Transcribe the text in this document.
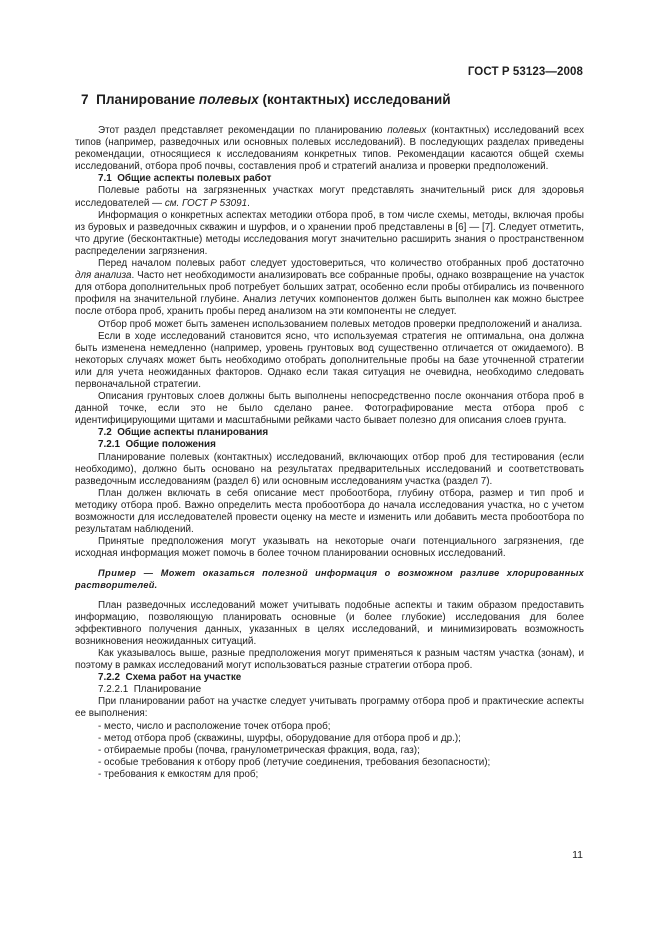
ГОСТ Р 53123—2008
7 Планирование полевых (контактных) исследований

Этот раздел представляет рекомендации по планированию полевых (контактных) исследований всех типов (например, разведочных или основных полевых исследований). В последующих разделах приведены рекомендации, относящиеся к исследованиям конкретных типов. Рекомендации касаются общей схемы исследований, отбора проб почвы, составления проб и стратегий анализа и проверки предположений.

7.1 Общие аспекты полевых работ

Полевые работы на загрязненных участках могут представлять значительный риск для здоровья исследователей — см. ГОСТ Р 53091.

Информация о конкретных аспектах методики отбора проб, в том числе схемы, методы, включая пробы из буровых и разведочных скважин и шурфов, и о хранении проб представлены в [6] — [7]. Следует отметить, что другие (бесконтактные) методы исследования могут значительно расширить знания о пространственном распределении загрязнения.

Перед началом полевых работ следует удостовериться, что количество отобранных проб достаточно для анализа. Часто нет необходимости анализировать все собранные пробы, однако возвращение на участок для отбора дополнительных проб потребует больших затрат, особенно если пробы отбирались из почвенного профиля на значительной глубине. Анализ летучих компонентов должен быть выполнен как можно быстрее после отбора проб, хранить пробы перед анализом на эти компоненты не следует.

Отбор проб может быть заменен использованием полевых методов проверки предположений и анализа.

Если в ходе исследований становится ясно, что используемая стратегия не оптимальна, она должна быть изменена немедленно (например, уровень грунтовых вод существенно отличается от ожидаемого). В некоторых случаях может быть необходимо отобрать дополнительные пробы на базе уточненной стратегии или для учета неожиданных факторов. Однако если такая ситуация не очевидна, необходимо следовать первоначальной стратегии.

Описания грунтовых слоев должны быть выполнены непосредственно после окончания отбора проб в данной точке, если это не было сделано ранее. Фотографирование места отбора проб с идентифицирующими щитами и масштабными рейками часто бывает полезно для описания слоев грунта.

7.2 Общие аспекты планирования
7.2.1 Общие положения

Планирование полевых (контактных) исследований, включающих отбор проб для тестирования (если необходимо), должно быть основано на результатах предварительных исследований и соответствовать разведочным исследованиям (раздел 6) или основным исследованиям участка (раздел 7).

План должен включать в себя описание мест пробоотбора, глубину отбора, размер и тип проб и методику отбора проб. Важно определить места пробоотбора до начала исследования участка, но с учетом возможности для исследователей провести оценку на месте и изменить или добавить места пробоотбора по результатам наблюдений.

Принятые предположения могут указывать на некоторые очаги потенциального загрязнения, где исходная информация может помочь в более точном планировании основных исследований.

Пример — Может оказаться полезной информация о возможном разливе хлорированных растворителей.

План разведочных исследований может учитывать подобные аспекты и таким образом предоставить информацию, позволяющую планировать основные (и более глубокие) исследования для более эффективного получения данных, указанных в целях исследований, и минимизировать возможность возникновения неожиданных ситуаций.

Как указывалось выше, разные предположения могут применяться к разным частям участка (зонам), и поэтому в рамках исследований могут использоваться разные стратегии отбора проб.

7.2.2 Схема работ на участке
7.2.2.1 Планирование

При планировании работ на участке следует учитывать программу отбора проб и практические аспекты ее выполнения:

- место, число и расположение точек отбора проб;
- метод отбора проб (скважины, шурфы, оборудование для отбора проб и др.);
- отбираемые пробы (почва, гранулометрическая фракция, вода, газ);
- особые требования к отбору проб (летучие соединения, требования безопасности);
- требования к емкостям для проб;
11
